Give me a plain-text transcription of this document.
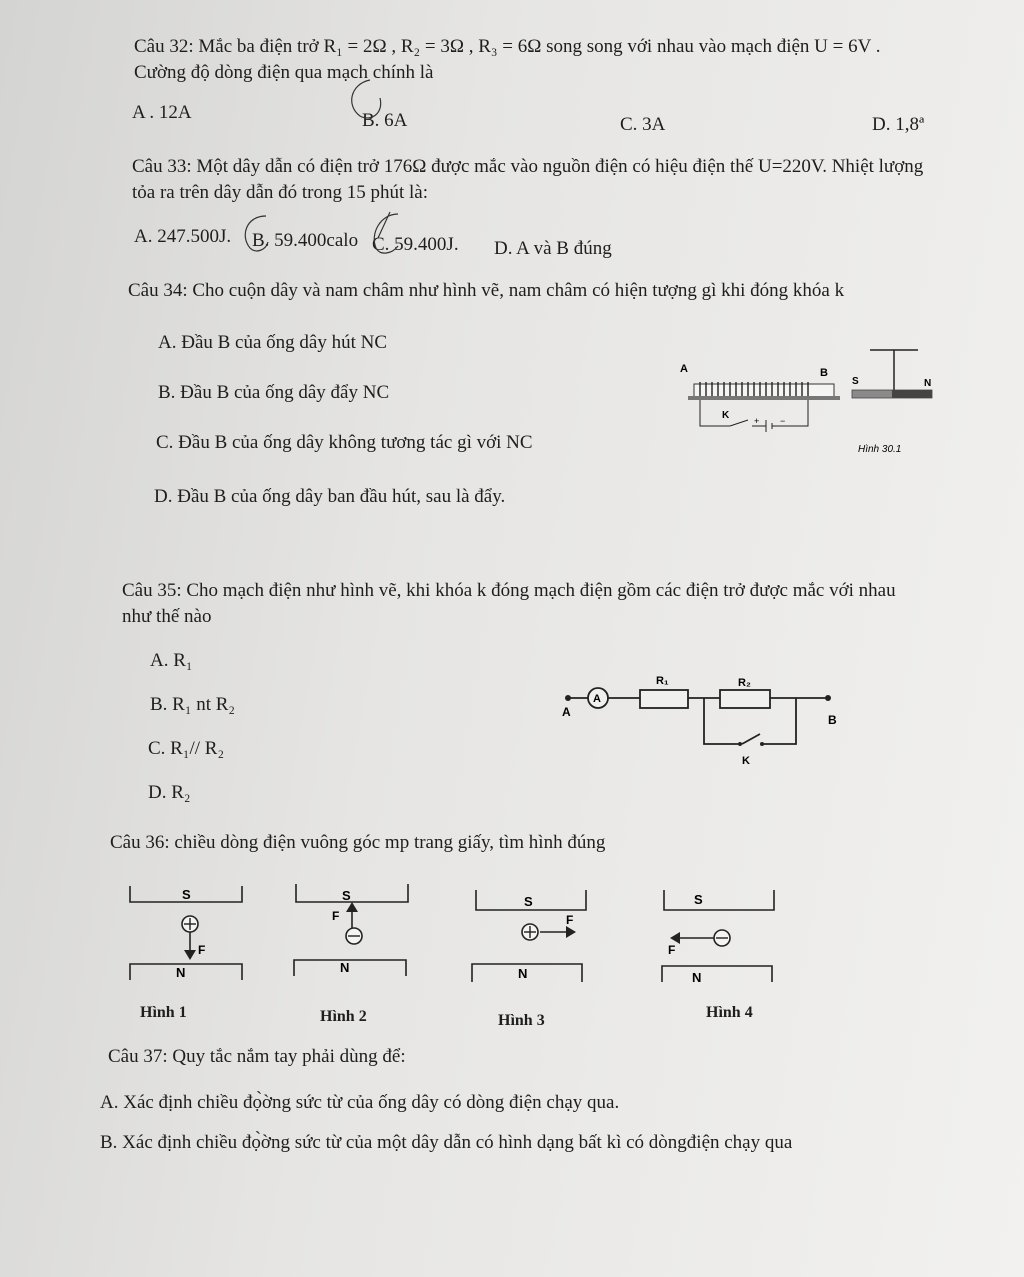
Câu 32: Mắc ba điện trở R₁ = 2Ω , R₂ = 3Ω , R₃ = 6Ω song song với nhau vào mạch điện U = 6V .
Cường độ dòng điện qua mạch chính là
A . 12A	B. 6A	C. 3A	D. 1,8ª
Câu 33: Một dây dẫn có điện trở 176Ω được mắc vào nguồn điện có hiệu điện thế U=220V. Nhiệt lượng
tỏa ra trên dây dẫn đó trong 15 phút là:
A. 247.500J. B. 59.400calo C. 59.400J. D. A và B đúng
Câu 34: Cho cuộn dây và nam châm như hình vẽ, nam châm có hiện tượng gì khi đóng khóa k
A. Đầu B của ống dây hút NC
B. Đầu B của ống dây đẩy NC
C. Đầu B của ống dây không tương tác gì với NC
D. Đầu B của ống dây ban đầu hút, sau là đẩy.
A	B
K	+ −
S	N
Hình 30.1
Câu 35: Cho mạch điện như hình vẽ, khi khóa k đóng mạch điện gồm các điện trở được mắc với nhau
như thế nào
A. R₁
B. R₁ nt R₂
C. R₁// R₂
D. R₂
A
A
B
R₁	R₂
K
Câu 36: chiều dòng điện vuông góc mp trang giấy, tìm hình đúng
S
N
F
Hình 1
S
N
F
Hình 2
S
N
F
Hình 3
S
N
F
Hình 4
Câu 37: Quy tắc nắm tay phải dùng để:
A. Xác định chiều đọ̀ờng sức từ của ống dây có dòng điện chạy qua.
B. Xác định chiều đọ̀ờng sức từ của một dây dẫn có hình dạng bất kì có dòngđiện chạy qua
